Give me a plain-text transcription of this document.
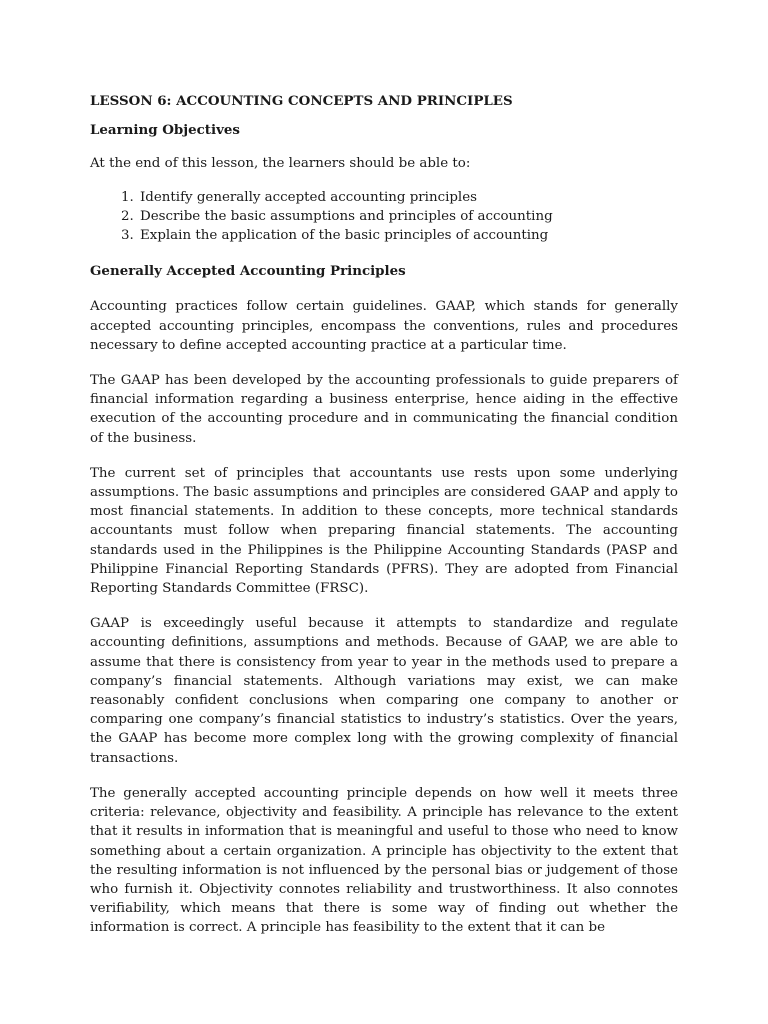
LESSON 6: ACCOUNTING CONCEPTS AND PRINCIPLES
Learning Objectives

At the end of this lesson, the learners should be able to:

1. Identify generally accepted accounting principles
2. Describe the basic assumptions and principles of accounting
3. Explain the application of the basic principles of accounting
Generally Accepted Accounting Principles

Accounting practices follow certain guidelines. GAAP, which stands for generally accepted accounting principles, encompass the conventions, rules and procedures necessary to define accepted accounting practice at a particular time.

The GAAP has been developed by the accounting professionals to guide preparers of financial information regarding a business enterprise, hence aiding in the effective execution of the accounting procedure and in communicating the financial condition of the business.

The current set of principles that accountants use rests upon some underlying assumptions. The basic assumptions and principles are considered GAAP and apply to most financial statements. In addition to these concepts, more technical standards accountants must follow when preparing financial statements. The accounting standards used in the Philippines is the Philippine Accounting Standards (PASP and Philippine Financial Reporting Standards (PFRS). They are adopted from Financial Reporting Standards Committee (FRSC).

GAAP is exceedingly useful because it attempts to standardize and regulate accounting definitions, assumptions and methods. Because of GAAP, we are able to assume that there is consistency from year to year in the methods used to prepare a company’s financial statements. Although variations may exist, we can make reasonably confident conclusions when comparing one company to another or comparing one company’s financial statistics to industry’s statistics. Over the years, the GAAP has become more complex long with the growing complexity of financial transactions.

The generally accepted accounting principle depends on how well it meets three criteria: relevance, objectivity and feasibility. A principle has relevance to the extent that it results in information that is meaningful and useful to those who need to know something about a certain organization. A principle has objectivity to the extent that the resulting information is not influenced by the personal bias or judgement of those who furnish it. Objectivity connotes reliability and trustworthiness. It also connotes verifiability, which means that there is some way of finding out whether the information is correct. A principle has feasibility to the extent that it can be
